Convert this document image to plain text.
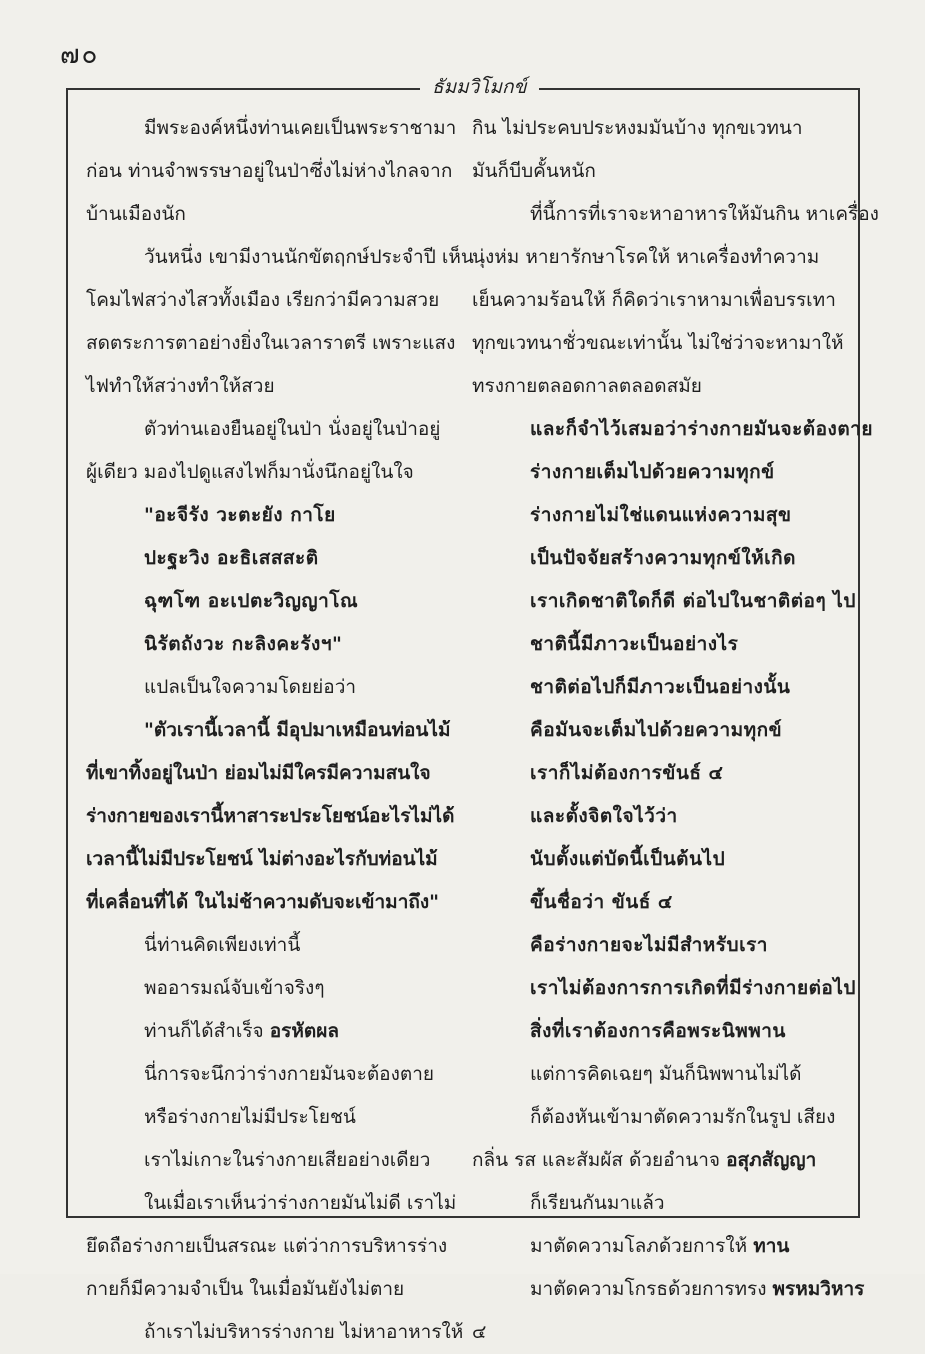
๗๐
ธัมมวิโมกข์
มีพระองค์หนึ่งท่านเคยเป็นพระราชามา
ก่อน ท่านจำพรรษาอยู่ในป่าซึ่งไม่ห่างไกลจาก
บ้านเมืองนัก
วันหนึ่ง เขามีงานนักขัตฤกษ์ประจำปี เห็น
โคมไฟสว่างไสวทั้งเมือง เรียกว่ามีความสวย
สดตระการตาอย่างยิ่งในเวลาราตรี เพราะแสง
ไฟทำให้สว่างทำให้สวย
ตัวท่านเองยืนอยู่ในป่า นั่งอยู่ในป่าอยู่
ผู้เดียว มองไปดูแสงไฟก็มานั่งนึกอยู่ในใจ
"อะจีรัง วะตะยัง กาโย
ปะฐะวิง อะธิเสสสะติ
ฉุฑโฑ อะเปตะวิญญาโณ
นิรัตถังวะ กะลิงคะรังฯ"
แปลเป็นใจความโดยย่อว่า
"ตัวเรานี้เวลานี้ มีอุปมาเหมือนท่อนไม้
ที่เขาทิ้งอยู่ในป่า ย่อมไม่มีใครมีความสนใจ
ร่างกายของเรานี้หาสาระประโยชน์อะไรไม่ได้
เวลานี้ไม่มีประโยชน์ ไม่ต่างอะไรกับท่อนไม้
ที่เคลื่อนที่ได้ ในไม่ช้าความดับจะเข้ามาถึง"
นี่ท่านคิดเพียงเท่านี้
พออารมณ์จับเข้าจริงๆ
ท่านก็ได้สำเร็จ อรหัตผล
นี่การจะนึกว่าร่างกายมันจะต้องตาย
หรือร่างกายไม่มีประโยชน์
เราไม่เกาะในร่างกายเสียอย่างเดียว
ในเมื่อเราเห็นว่าร่างกายมันไม่ดี เราไม่
ยึดถือร่างกายเป็นสรณะ แต่ว่าการบริหารร่าง
กายก็มีความจำเป็น ในเมื่อมันยังไม่ตาย
ถ้าเราไม่บริหารร่างกาย ไม่หาอาหารให้
กิน ไม่ประคบประหงมมันบ้าง ทุกขเวทนา
มันก็บีบคั้นหนัก
ที่นี้การที่เราจะหาอาหารให้มันกิน หาเครื่อง
นุ่งห่ม หายารักษาโรคให้ หาเครื่องทำความ
เย็นความร้อนให้ ก็คิดว่าเราหามาเพื่อบรรเทา
ทุกขเวทนาชั่วขณะเท่านั้น ไม่ใช่ว่าจะหามาให้
ทรงกายตลอดกาลตลอดสมัย
และก็จำไว้เสมอว่าร่างกายมันจะต้องตาย
ร่างกายเต็มไปด้วยความทุกข์
ร่างกายไม่ใช่แดนแห่งความสุข
เป็นปัจจัยสร้างความทุกข์ให้เกิด
เราเกิดชาติใดก็ดี ต่อไปในชาติต่อๆ ไป
ชาตินี้มีภาวะเป็นอย่างไร
ชาติต่อไปก็มีภาวะเป็นอย่างนั้น
คือมันจะเต็มไปด้วยความทุกข์
เราก็ไม่ต้องการขันธ์ ๔
และตั้งจิตใจไว้ว่า
นับตั้งแต่บัดนี้เป็นต้นไป
ขึ้นชื่อว่า ขันธ์ ๔
คือร่างกายจะไม่มีสำหรับเรา
เราไม่ต้องการการเกิดที่มีร่างกายต่อไป
สิ่งที่เราต้องการคือพระนิพพาน
แต่การคิดเฉยๆ มันก็นิพพานไม่ได้
ก็ต้องหันเข้ามาตัดความรักในรูป เสียง
กลิ่น รส และสัมผัส ด้วยอำนาจ อสุภสัญญา
ก็เรียนกันมาแล้ว
มาตัดความโลภด้วยการให้ ทาน
มาตัดความโกรธด้วยการทรง พรหมวิหาร
๔
